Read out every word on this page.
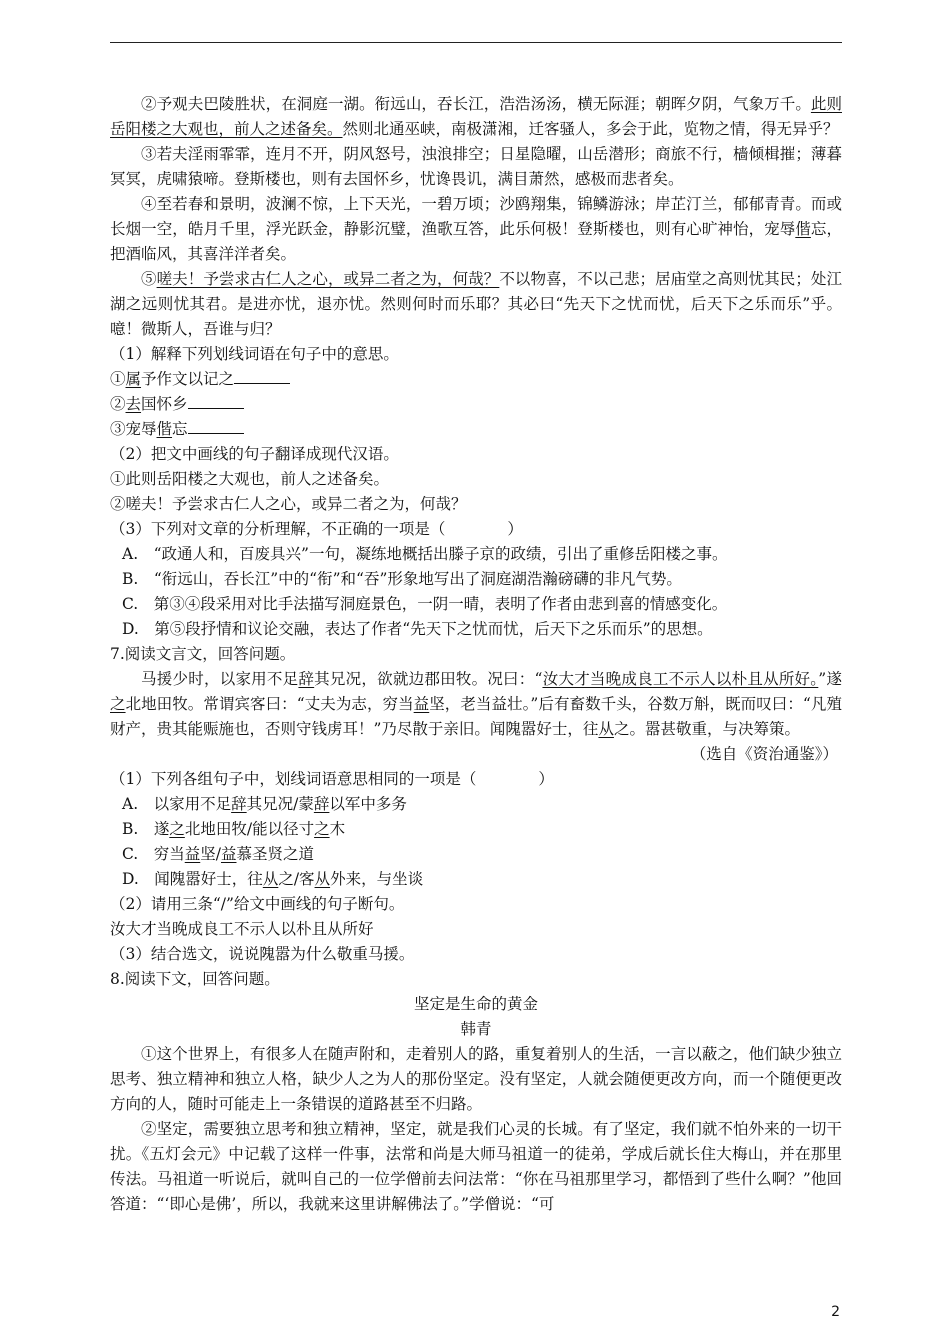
②予观夫巴陵胜状，在洞庭一湖。衔远山，吞长江，浩浩汤汤，横无际涯；朝晖夕阴，气象万千。此则岳阳楼之大观也，前人之述备矣。然则北通巫峡，南极潇湘，迁客骚人，多会于此，览物之情，得无异乎？

③若夫淫雨霏霏，连月不开，阴风怒号，浊浪排空；日星隐曜，山岳潜形；商旅不行，樯倾楫摧；薄暮冥冥，虎啸猿啼。登斯楼也，则有去国怀乡，忧谗畏讥，满目萧然，感极而悲者矣。

④至若春和景明，波澜不惊，上下天光，一碧万顷；沙鸥翔集，锦鳞游泳；岸芷汀兰，郁郁青青。而或长烟一空，皓月千里，浮光跃金，静影沉璧，渔歌互答，此乐何极！登斯楼也，则有心旷神怡，宠辱偕忘，把酒临风，其喜洋洋者矣。

⑤嗟夫！予尝求古仁人之心，或异二者之为，何哉？不以物喜，不以己悲；居庙堂之高则忧其民；处江湖之远则忧其君。是进亦忧，退亦忧。然则何时而乐耶？其必曰“先天下之忧而忧，后天下之乐而乐”乎。噫！微斯人，吾谁与归？

（1）解释下列划线词语在句子中的意思。

①属予作文以记之

②去国怀乡

③宠辱偕忘

（2）把文中画线的句子翻译成现代汉语。

①此则岳阳楼之大观也，前人之述备矣。

②嗟夫！予尝求古仁人之心，或异二者之为，何哉？

（3）下列对文章的分析理解，不正确的一项是（	）

A.　“政通人和，百废具兴”一句，凝练地概括出滕子京的政绩，引出了重修岳阳楼之事。

B.　“衔远山，吞长江”中的“衔”和“吞”形象地写出了洞庭湖浩瀚磅礴的非凡气势。

C.　第③④段采用对比手法描写洞庭景色，一阴一晴，表明了作者由悲到喜的情感变化。

D.　第⑤段抒情和议论交融，表达了作者“先天下之忧而忧，后天下之乐而乐”的思想。

7.阅读文言文，回答问题。

马援少时，以家用不足辞其兄况，欲就边郡田牧。况曰：“汝大才当晚成良工不示人以朴且从所好。”遂之北地田牧。常谓宾客曰：“丈夫为志，穷当益坚，老当益壮。”后有畜数千头，谷数万斛，既而叹曰：“凡殖财产，贵其能赈施也，否则守钱虏耳！”乃尽散于亲旧。闻隗嚣好士，往从之。嚣甚敬重，与决筹策。

（选自《资治通鉴》）

（1）下列各组句子中，划线词语意思相同的一项是（	）

A.　以家用不足辞其兄况/蒙辞以军中多务

B.　遂之北地田牧/能以径寸之木

C.　穷当益坚/益慕圣贤之道

D.　闻隗嚣好士，往从之/客从外来，与坐谈

（2）请用三条“/”给文中画线的句子断句。

汝大才当晚成良工不示人以朴且从所好

（3）结合选文，说说隗嚣为什么敬重马援。

8.阅读下文，回答问题。

坚定是生命的黄金

韩青

①这个世界上，有很多人在随声附和，走着别人的路，重复着别人的生活，一言以蔽之，他们缺少独立思考、独立精神和独立人格，缺少人之为人的那份坚定。没有坚定，人就会随便更改方向，而一个随便更改方向的人，随时可能走上一条错误的道路甚至不归路。

②坚定，需要独立思考和独立精神，坚定，就是我们心灵的长城。有了坚定，我们就不怕外来的一切干扰。《五灯会元》中记载了这样一件事，法常和尚是大师马祖道一的徒弟，学成后就长住大梅山，并在那里传法。马祖道一听说后，就叫自己的一位学僧前去问法常：“你在马祖那里学习，都悟到了些什么啊？”他回答道：“‘即心是佛’，所以，我就来这里讲解佛法了。”学僧说：“可

2
